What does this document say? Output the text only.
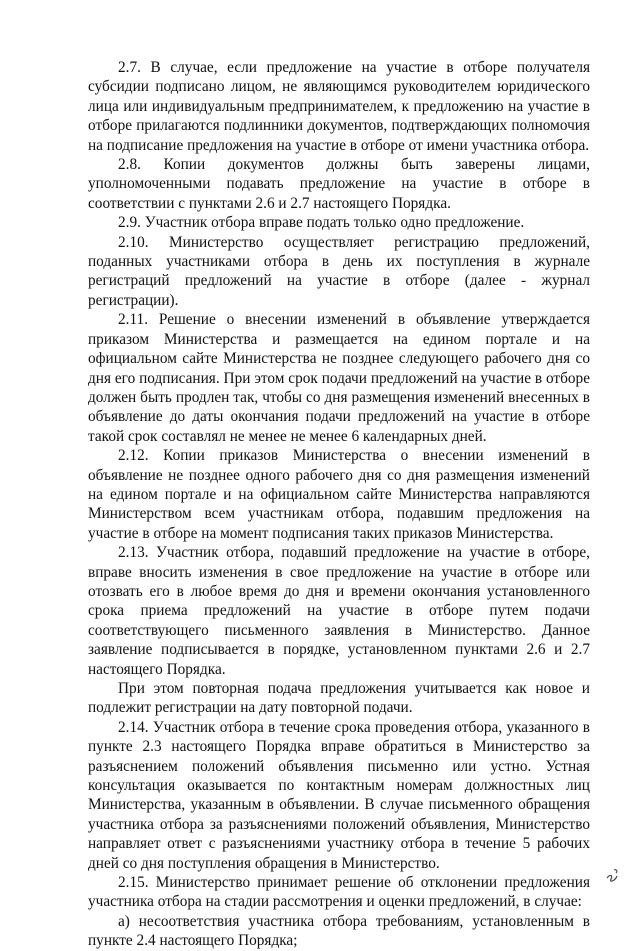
2.7. В случае, если предложение на участие в отборе получателя субсидии подписано лицом, не являющимся руководителем юридического лица или индивидуальным предпринимателем, к предложению на участие в отборе прилагаются подлинники документов, подтверждающих полномочия на подписание предложения на участие в отборе от имени участника отбора.

2.8. Копии документов должны быть заверены лицами, уполномоченными подавать предложение на участие в отборе в соответствии с пунктами 2.6 и 2.7 настоящего Порядка.

2.9. Участник отбора вправе подать только одно предложение.

2.10. Министерство осуществляет регистрацию предложений, поданных участниками отбора в день их поступления в журнале регистраций предложений на участие в отборе (далее - журнал регистрации).

2.11. Решение о внесении изменений в объявление утверждается приказом Министерства и размещается на едином портале и на официальном сайте Министерства не позднее следующего рабочего дня со дня его подписания. При этом срок подачи предложений на участие в отборе должен быть продлен так, чтобы со дня размещения изменений внесенных в объявление до даты окончания подачи предложений на участие в отборе такой срок составлял не менее не менее 6 календарных дней.

2.12. Копии приказов Министерства о внесении изменений в объявление не позднее одного рабочего дня со дня размещения изменений на едином портале и на официальном сайте Министерства направляются Министерством всем участникам отбора, подавшим предложения на участие в отборе на момент подписания таких приказов Министерства.

2.13. Участник отбора, подавший предложение на участие в отборе, вправе вносить изменения в свое предложение на участие в отборе или отозвать его в любое время до дня и времени окончания установленного срока приема предложений на участие в отборе путем подачи соответствующего письменного заявления в Министерство. Данное заявление подписывается в порядке, установленном пунктами 2.6 и 2.7 настоящего Порядка.

При этом повторная подача предложения учитывается как новое и подлежит регистрации на дату повторной подачи.

2.14. Участник отбора в течение срока проведения отбора, указанного в пункте 2.3 настоящего Порядка вправе обратиться в Министерство за разъяснением положений объявления письменно или устно. Устная консультация оказывается по контактным номерам должностных лиц Министерства, указанным в объявлении. В случае письменного обращения участника отбора за разъяснениями положений объявления, Министерство направляет ответ с разъяснениями участнику отбора в течение 5 рабочих дней со дня поступления обращения в Министерство.

2.15. Министерство принимает решение об отклонении предложения участника отбора на стадии рассмотрения и оценки предложений, в случае:

а) несоответствия участника отбора требованиям, установленным в пункте 2.4 настоящего Порядка;
